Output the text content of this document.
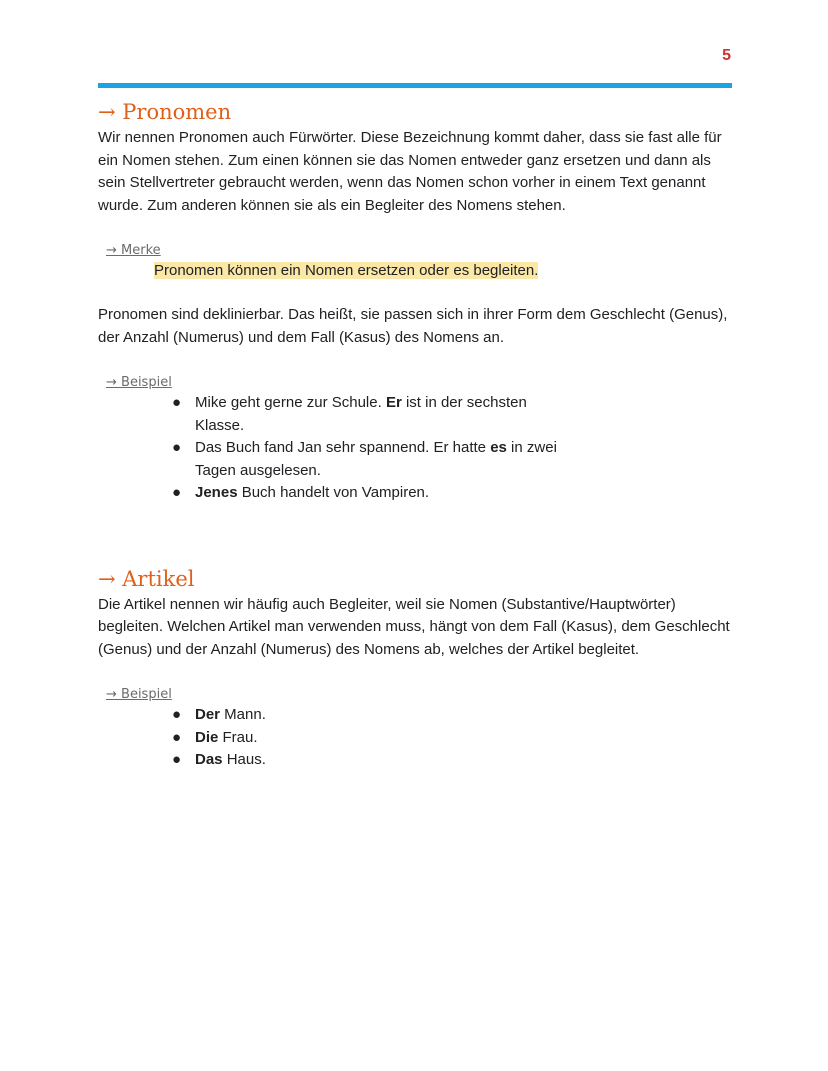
5
→ Pronomen

Wir nennen Pronomen auch Fürwörter. Diese Bezeichnung kommt daher, dass sie fast alle für ein Nomen stehen. Zum einen können sie das Nomen entweder ganz ersetzen und dann als sein Stellvertreter gebraucht werden, wenn das Nomen schon vorher in einem Text genannt wurde. Zum anderen können sie als ein Begleiter des Nomens stehen.

→ Merke
Pronomen können ein Nomen ersetzen oder es begleiten.

Pronomen sind deklinierbar. Das heißt, sie passen sich in ihrer Form dem Geschlecht (Genus), der Anzahl (Numerus) und dem Fall (Kasus) des Nomens an.

→ Beispiel
● Mike geht gerne zur Schule. Er ist in der sechsten Klasse.
● Das Buch fand Jan sehr spannend. Er hatte es in zwei Tagen ausgelesen.
● Jenes Buch handelt von Vampiren.
→ Artikel

Die Artikel nennen wir häufig auch Begleiter, weil sie Nomen (Substantive/Hauptwörter) begleiten. Welchen Artikel man verwenden muss, hängt von dem Fall (Kasus), dem Geschlecht (Genus) und der Anzahl (Numerus) des Nomens ab, welches der Artikel begleitet.

→ Beispiel
● Der Mann.
● Die Frau.
● Das Haus.
